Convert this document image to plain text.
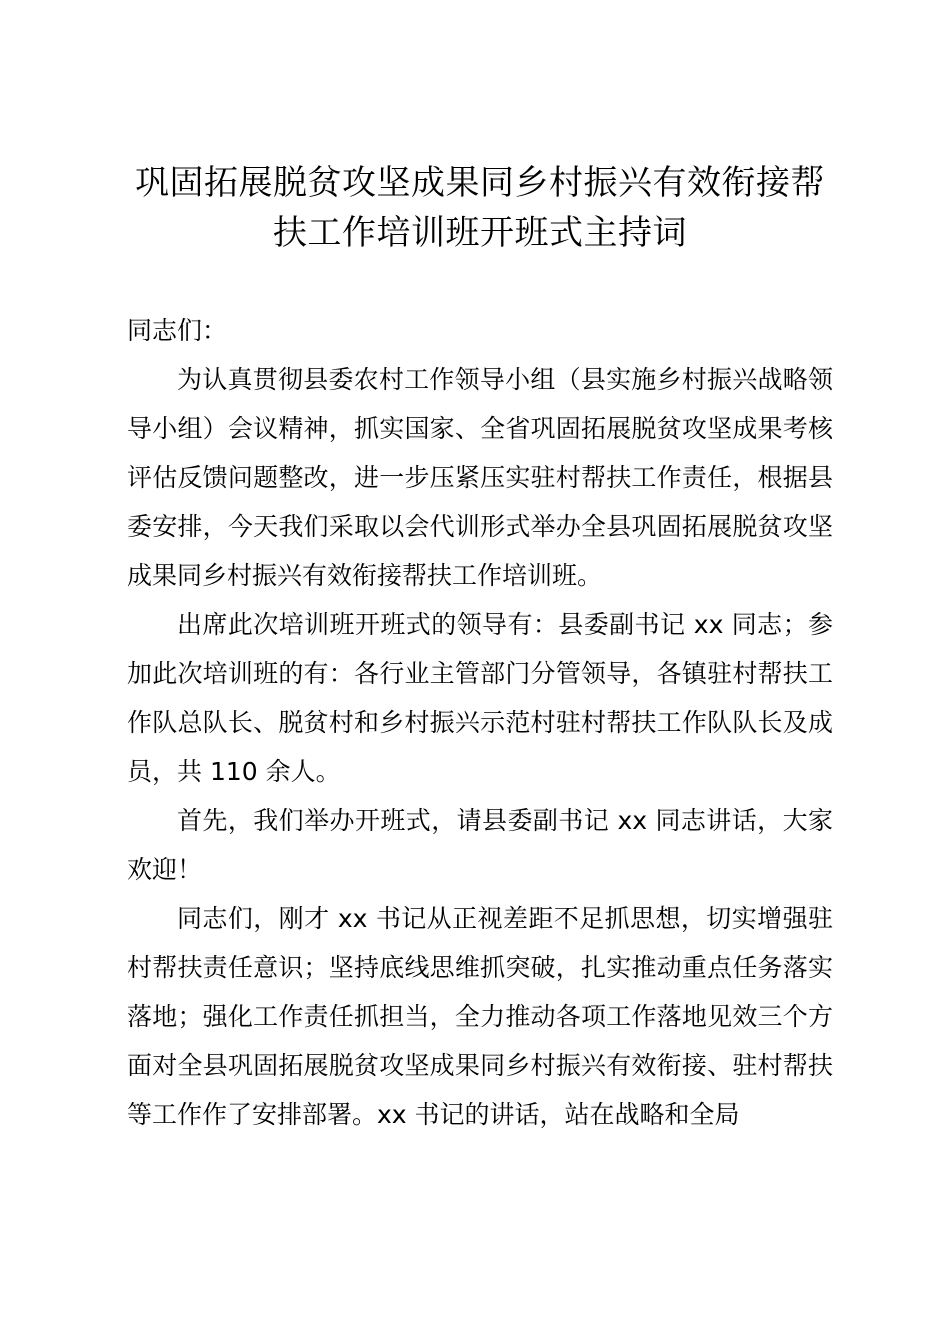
巩固拓展脱贫攻坚成果同乡村振兴有效衔接帮
扶工作培训班开班式主持词

同志们：

为认真贯彻县委农村工作领导小组（县实施乡村振兴战略领导小组）会议精神，抓实国家、全省巩固拓展脱贫攻坚成果考核评估反馈问题整改，进一步压紧压实驻村帮扶工作责任，根据县委安排，今天我们采取以会代训形式举办全县巩固拓展脱贫攻坚成果同乡村振兴有效衔接帮扶工作培训班。

出席此次培训班开班式的领导有：县委副书记 xx 同志；参加此次培训班的有：各行业主管部门分管领导，各镇驻村帮扶工作队总队长、脱贫村和乡村振兴示范村驻村帮扶工作队队长及成员，共 110 余人。

首先，我们举办开班式，请县委副书记 xx 同志讲话，大家欢迎！

同志们，刚才 xx 书记从正视差距不足抓思想，切实增强驻村帮扶责任意识；坚持底线思维抓突破，扎实推动重点任务落实落地；强化工作责任抓担当，全力推动各项工作落地见效三个方面对全县巩固拓展脱贫攻坚成果同乡村振兴有效衔接、驻村帮扶等工作作了安排部署。xx 书记的讲话，站在战略和全局
